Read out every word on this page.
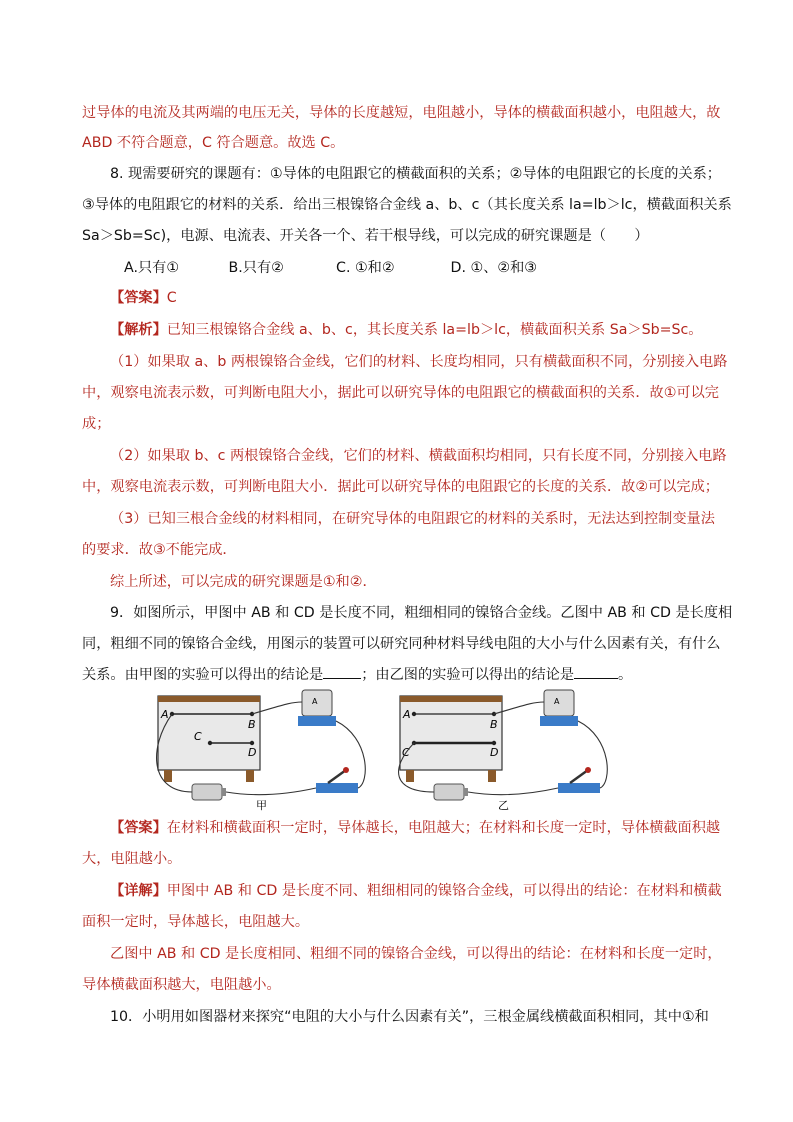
过导体的电流及其两端的电压无关，导体的长度越短，电阻越小，导体的横截面积越小，电阻越大，故
ABD 不符合题意，C 符合题意。故选 C。
8. 现需要研究的课题有：①导体的电阻跟它的横截面积的关系；②导体的电阻跟它的长度的关系；
③导体的电阻跟它的材料的关系．给出三根镍铬合金线 a、b、c（其长度关系 la=lb＞lc，横截面积关系
Sa＞Sb=Sc)，电源、电流表、开关各一个、若干根导线，可以完成的研究课题是（　　）
A.只有①	B.只有②	C. ①和②	D. ①、②和③
【答案】C
【解析】已知三根镍铬合金线 a、b、c，其长度关系 la=lb＞lc，横截面积关系 Sa＞Sb=Sc。
（1）如果取 a、b 两根镍铬合金线，它们的材料、长度均相同，只有横截面积不同，分别接入电路
中，观察电流表示数，可判断电阻大小，据此可以研究导体的电阻跟它的横截面积的关系．故①可以完
成；
（2）如果取 b、c 两根镍铬合金线，它们的材料、横截面积均相同，只有长度不同，分别接入电路
中，观察电流表示数，可判断电阻大小．据此可以研究导体的电阻跟它的长度的关系．故②可以完成；
（3）已知三根合金线的材料相同，在研究导体的电阻跟它的材料的关系时，无法达到控制变量法
的要求．故③不能完成．
综上所述，可以完成的研究课题是①和②．
9．如图所示，甲图中 AB 和 CD 是长度不同，粗细相同的镍铬合金线。乙图中 AB 和 CD 是长度相
同，粗细不同的镍铬合金线，用图示的装置可以研究同种材料导线电阻的大小与什么因素有关，有什么
关系。由甲图的实验可以得出的结论是	；由乙图的实验可以得出的结论是	。
A
B
C
D
A
甲
A
B
C	D
A
乙
【答案】在材料和横截面积一定时，导体越长，电阻越大；在材料和长度一定时，导体横截面积越
大，电阻越小。
【详解】甲图中 AB 和 CD 是长度不同、粗细相同的镍铬合金线，可以得出的结论：在材料和横截
面积一定时，导体越长，电阻越大。
乙图中 AB 和 CD 是长度相同、粗细不同的镍铬合金线，可以得出的结论：在材料和长度一定时，
导体横截面积越大，电阻越小。
10．小明用如图器材来探究“电阻的大小与什么因素有关”，三根金属线横截面积相同，其中①和
